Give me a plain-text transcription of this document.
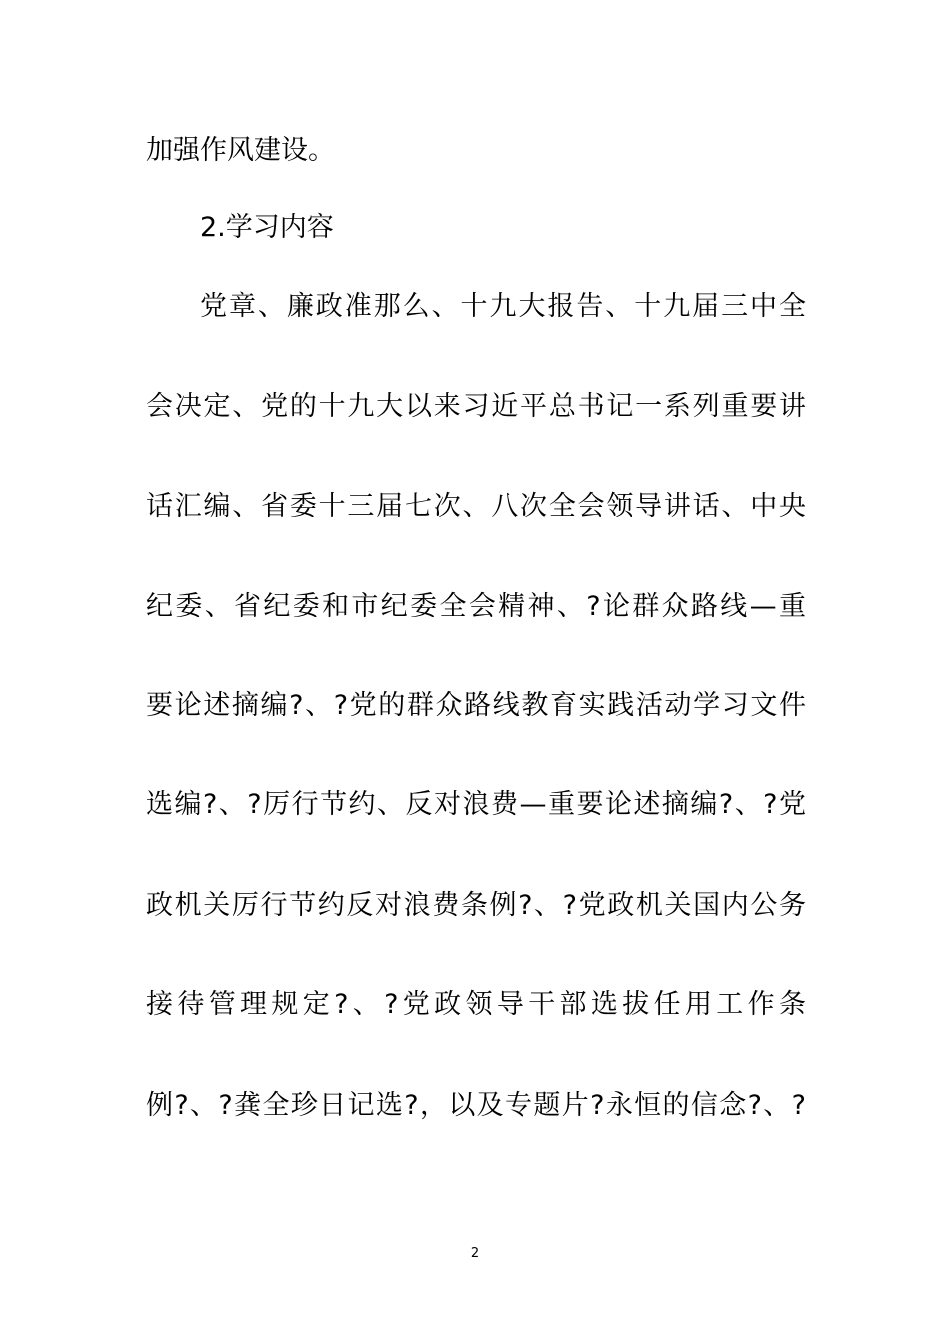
加强作风建设。
2.学习内容
党章、廉政准那么、十九大报告、十九届三中全
会决定、党的十九大以来习近平总书记一系列重要讲
话汇编、省委十三届七次、八次全会领导讲话、中央
纪委、省纪委和市纪委全会精神、?论群众路线—重
要论述摘编?、?党的群众路线教育实践活动学习文件
选编?、?厉行节约、反对浪费—重要论述摘编?、?党
政机关厉行节约反对浪费条例?、?党政机关国内公务
接待管理规定?、?党政领导干部选拔任用工作条
例?、?龚全珍日记选?，以及专题片?永恒的信念?、?
2
